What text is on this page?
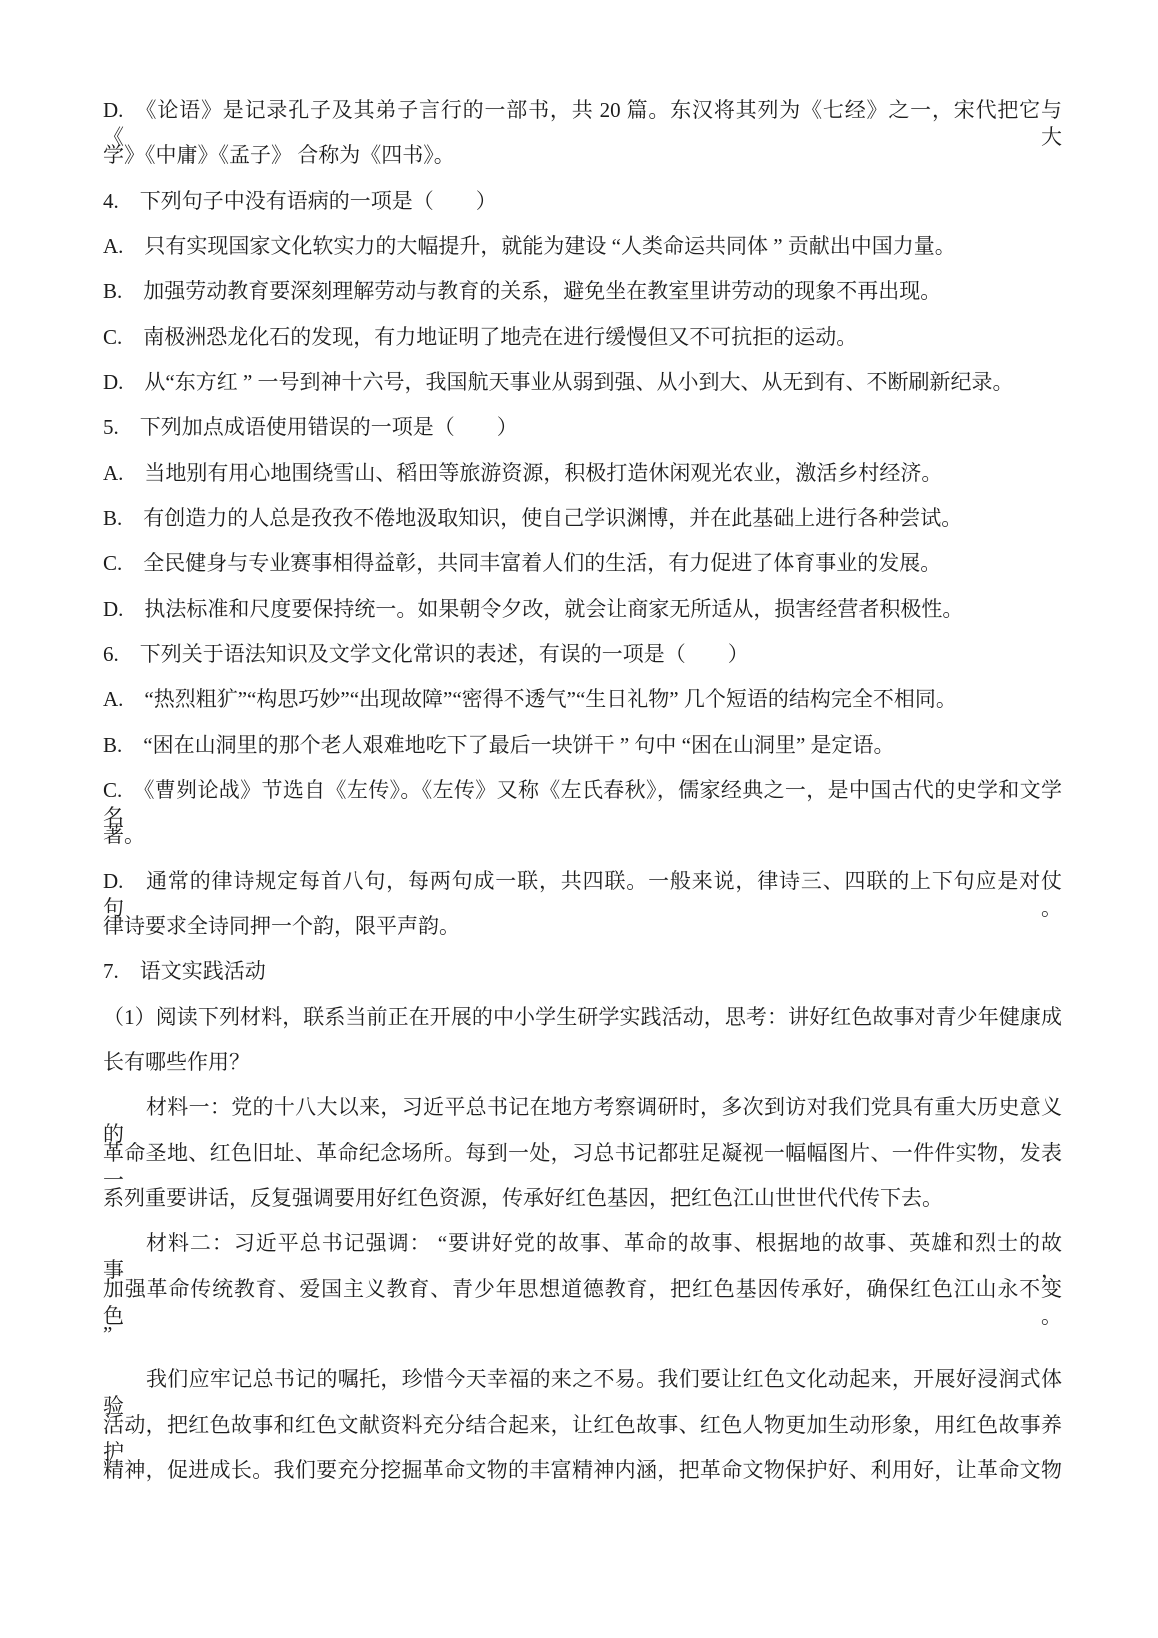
D.　《论语》是记录孔子及其弟子言行的一部书，共 20 篇。东汉将其列为《七经》之一，宋代把它与 《大
学》《中庸》《孟子》 合称为《四书》。
4.　下列句子中没有语病的一项是（　　）
A.　只有实现国家文化软实力的大幅提升，就能为建设 “人类命运共同体 ” 贡献出中国力量。
B.　加强劳动教育要深刻理解劳动与教育的关系，避免坐在教室里讲劳动的现象不再出现。
C.　南极洲恐龙化石的发现，有力地证明了地壳在进行缓慢但又不可抗拒的运动。
D.　从“东方红 ” 一号到神十六号，我国航天事业从弱到强、从小到大、从无到有、不断刷新纪录。
5.　下列加点成语使用错误的一项是（　　）
A.　当地别有用心地围绕雪山、稻田等旅游资源，积极打造休闲观光农业，激活乡村经济。
B.　有创造力的人总是孜孜不倦地汲取知识，使自己学识渊博，并在此基础上进行各种尝试。
C.　全民健身与专业赛事相得益彰，共同丰富着人们的生活，有力促进了体育事业的发展。
D.　执法标准和尺度要保持统一。如果朝令夕改，就会让商家无所适从，损害经营者积极性。
6.　下列关于语法知识及文学文化常识的表述，有误的一项是（　　）
A.　“热烈粗犷”“构思巧妙”“出现故障”“密得不透气”“生日礼物” 几个短语的结构完全不相同。
B.　“困在山洞里的那个老人艰难地吃下了最后一块饼干 ” 句中 “困在山洞里” 是定语。
C.　《曹刿论战》节选自《左传》。《左传》又称《左氏春秋》，儒家经典之一，是中国古代的史学和文学名
著。
D.　通常的律诗规定每首八句，每两句成一联，共四联。一般来说，律诗三、四联的上下句应是对仗句。
律诗要求全诗同押一个韵，限平声韵。
7.　语文实践活动
（1）阅读下列材料，联系当前正在开展的中小学生研学实践活动，思考：讲好红色故事对青少年健康成
长有哪些作用？
材料一：党的十八大以来，习近平总书记在地方考察调研时，多次到访对我们党具有重大历史意义的
革命圣地、红色旧址、革命纪念场所。每到一处，习总书记都驻足凝视一幅幅图片、一件件实物，发表一
系列重要讲话，反复强调要用好红色资源，传承好红色基因，把红色江山世世代代传下去。
材料二：习近平总书记强调： “要讲好党的故事、革命的故事、根据地的故事、英雄和烈士的故事，
加强革命传统教育、爱国主义教育、青少年思想道德教育，把红色基因传承好，确保红色江山永不变色。
”
我们应牢记总书记的嘱托，珍惜今天幸福的来之不易。我们要让红色文化动起来，开展好浸润式体验
活动，把红色故事和红色文献资料充分结合起来，让红色故事、红色人物更加生动形象，用红色故事养护
精神，促进成长。我们要充分挖掘革命文物的丰富精神内涵，把革命文物保护好、利用好，让革命文物
